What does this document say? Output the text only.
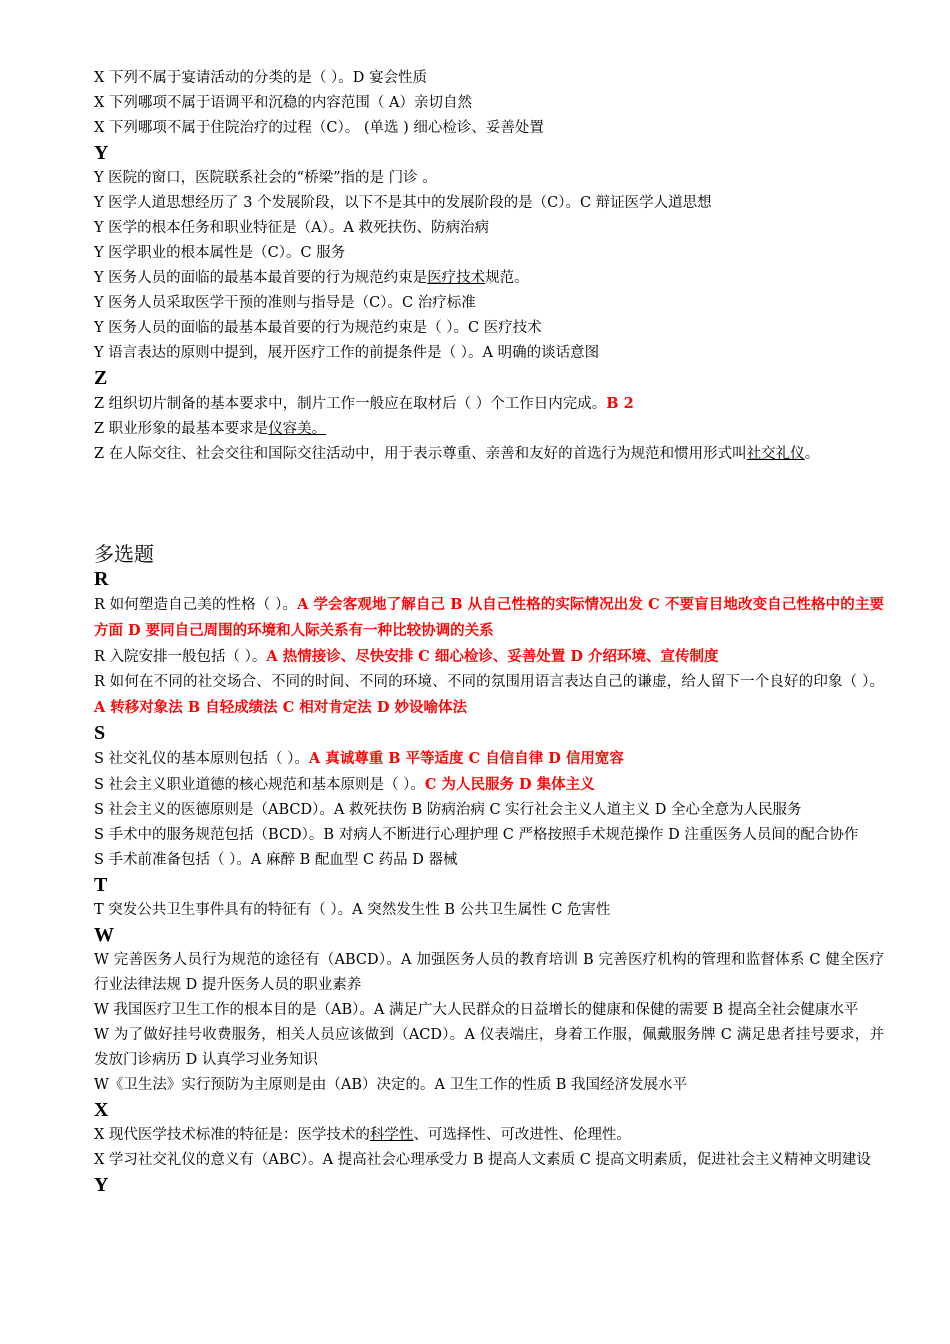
X 下列不属于宴请活动的分类的是（ ）。D 宴会性质

X 下列哪项不属于语调平和沉稳的内容范围（ A）亲切自然

X 下列哪项不属于住院治疗的过程（C）。 (单选 ) 细心检诊、妥善处置

Y

Y 医院的窗口，医院联系社会的“桥梁”指的是 门诊 。

Y 医学人道思想经历了 3 个发展阶段，以下不是其中的发展阶段的是（C）。C 辩证医学人道思想

Y 医学的根本任务和职业特征是（A）。A 救死扶伤、防病治病

Y 医学职业的根本属性是（C）。C 服务

Y 医务人员的面临的最基本最首要的行为规范约束是医疗技术规范。

Y 医务人员采取医学干预的准则与指导是（C）。C 治疗标准

Y 医务人员的面临的最基本最首要的行为规范约束是（ ）。C 医疗技术

Y 语言表达的原则中提到，展开医疗工作的前提条件是（ ）。A 明确的谈话意图

Z

Z 组织切片制备的基本要求中，制片工作一般应在取材后（ ）个工作日内完成。B 2

Z 职业形象的最基本要求是仪容美。

Z 在人际交往、社会交往和国际交往活动中，用于表示尊重、亲善和友好的首选行为规范和惯用形式叫社交礼仪。

多选题
R

R 如何塑造自己美的性格（ ）。A 学会客观地了解自己 B 从自己性格的实际情况出发 C 不要盲目地改变自己性格中的主要方面 D 要同自己周围的环境和人际关系有一种比较协调的关系

R 入院安排一般包括（ ）。A 热情接诊、尽快安排 C 细心检诊、妥善处置 D 介绍环境、宣传制度

R 如何在不同的社交场合、不同的时间、不同的环境、不同的氛围用语言表达自己的谦虚，给人留下一个良好的印象（ ）。A 转移对象法 B 自轻成绩法 C 相对肯定法 D 妙设喻体法

S

S 社交礼仪的基本原则包括（ ）。A 真诚尊重 B 平等适度 C 自信自律 D 信用宽容

S 社会主义职业道德的核心规范和基本原则是（ ）。C 为人民服务 D 集体主义

S 社会主义的医德原则是（ABCD）。A 救死扶伤 B 防病治病 C 实行社会主义人道主义 D 全心全意为人民服务

S 手术中的服务规范包括（BCD）。B 对病人不断进行心理护理 C 严格按照手术规范操作 D 注重医务人员间的配合协作

S 手术前准备包括（ ）。A 麻醉 B 配血型 C 药品 D 器械

T

T 突发公共卫生事件具有的特征有（ ）。A 突然发生性 B 公共卫生属性 C 危害性

W

W 完善医务人员行为规范的途径有（ABCD）。A 加强医务人员的教育培训 B 完善医疗机构的管理和监督体系 C 健全医疗行业法律法规 D 提升医务人员的职业素养

W 我国医疗卫生工作的根本目的是（AB）。A 满足广大人民群众的日益增长的健康和保健的需要 B 提高全社会健康水平

W 为了做好挂号收费服务，相关人员应该做到（ACD）。A 仪表端庄，身着工作服，佩戴服务牌 C 满足患者挂号要求，并发放门诊病历 D 认真学习业务知识

W《卫生法》实行预防为主原则是由（AB）决定的。A 卫生工作的性质 B 我国经济发展水平

X

X 现代医学技术标准的特征是：医学技术的科学性、可选择性、可改进性、伦理性。

X 学习社交礼仪的意义有（ABC）。A 提高社会心理承受力 B 提高人文素质 C 提高文明素质，促进社会主义精神文明建设

Y
